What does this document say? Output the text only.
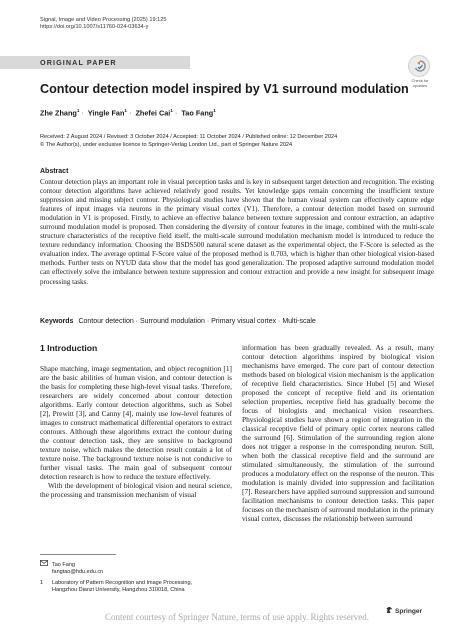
Signal, Image and Video Processing (2025) 19:125
https://doi.org/10.1007/s11760-024-03634-y
ORIGINAL PAPER
Check for
updates
Contour detection model inspired by V1 surround modulation
Zhe Zhang$^1$ · Yingle Fan$^1$ · Zhefei Cai$^1$ · Tao Fang$^1$
Received: 2 August 2024 / Revised: 3 October 2024 / Accepted: 11 October 2024 / Published online: 12 December 2024
© The Author(s), under exclusive licence to Springer-Verlag London Ltd., part of Springer Nature 2024
Abstract
Contour detection plays an important role in visual perception tasks and is key in subsequent target detection and recognition. The existing contour detection algorithms have achieved relatively good results. Yet knowledge gaps remain concerning the insufficient texture suppression and missing subject contour. Physiological studies have shown that the human visual system can effectively capture edge features of input images via neurons in the primary visual cortex (V1). Therefore, a contour detection model based on surround modulation in V1 is proposed. Firstly, to achieve an effective balance between texture suppression and contour extraction, an adaptive surround modulation model is proposed. Then considering the diversity of contour features in the image, combined with the multi-scale structure characteristics of the receptive field itself, the multi-scale surround modulation mechanism model is introduced to reduce the texture redundancy information. Choosing the BSDS500 natural scene dataset as the experimental object, the F-Score is selected as the evaluation index. The average optimal F-Score value of the proposed method is 0.703, which is higher than other biological vision-based methods. Further tests on NYUD data show that the model has good generalization. The proposed adaptive surround modulation model can effectively solve the imbalance between texture suppression and contour extraction and provide a new insight for subsequent image processing tasks.
Keywords Contour detection · Surround modulation · Primary visual cortex · Multi-scale
1 Introduction

Shape matching, image segmentation, and object recognition [1] are the basic abilities of human vision, and contour detection is the basis for completing these high-level visual tasks. Therefore, researchers are widely concerned about contour detection algorithms. Early contour detection algorithms, such as Sobel [2], Prewitt [3], and Canny [4], mainly use low-level features of images to construct mathematical differential operators to extract contours. Although these algorithms extract the contour during the contour detection task, they are sensitive to background texture noise, which makes the detection result contain a lot of texture noise. The background texture noise is not conducive to further visual tasks. The main goal of subsequent contour detection research is how to reduce the texture effectively.

With the development of biological vision and neural science, the processing and transmission mechanism of visual

information has been gradually revealed. As a result, many contour detection algorithms inspired by biological vision mechanisms have emerged. The core part of contour detection methods based on biological vision mechanism is the application of receptive field characteristics. Since Hubel [5] and Wiesel proposed the concept of receptive field and its orientation selection properties, receptive field has gradually become the focus of biologists and mechanical vision researchers. Physiological studies have shown a region of integration in the classical receptive field of primary optic cortex neurons called the surround [6]. Stimulation of the surrounding region alone does not trigger a response in the corresponding neuron. Still, when both the classical receptive field and the surround are stimulated simultaneously, the stimulation of the surround produces a modulatory effect on the response of the neuron. This modulation is mainly divided into suppression and facilitation [7]. Researchers have applied surround suppression and surround facilitation mechanisms to contour detection tasks. This paper focuses on the mechanism of surround modulation in the primary visual cortex, discusses the relationship between surround

Tao Fang
fangtao@hdu.edu.cn
1 Laboratory of Pattern Recognition and Image Processing,
Hangzhou Dianzi University, Hangzhou 310018, China
Springer
Content courtesy of Springer Nature, terms of use apply. Rights reserved.
